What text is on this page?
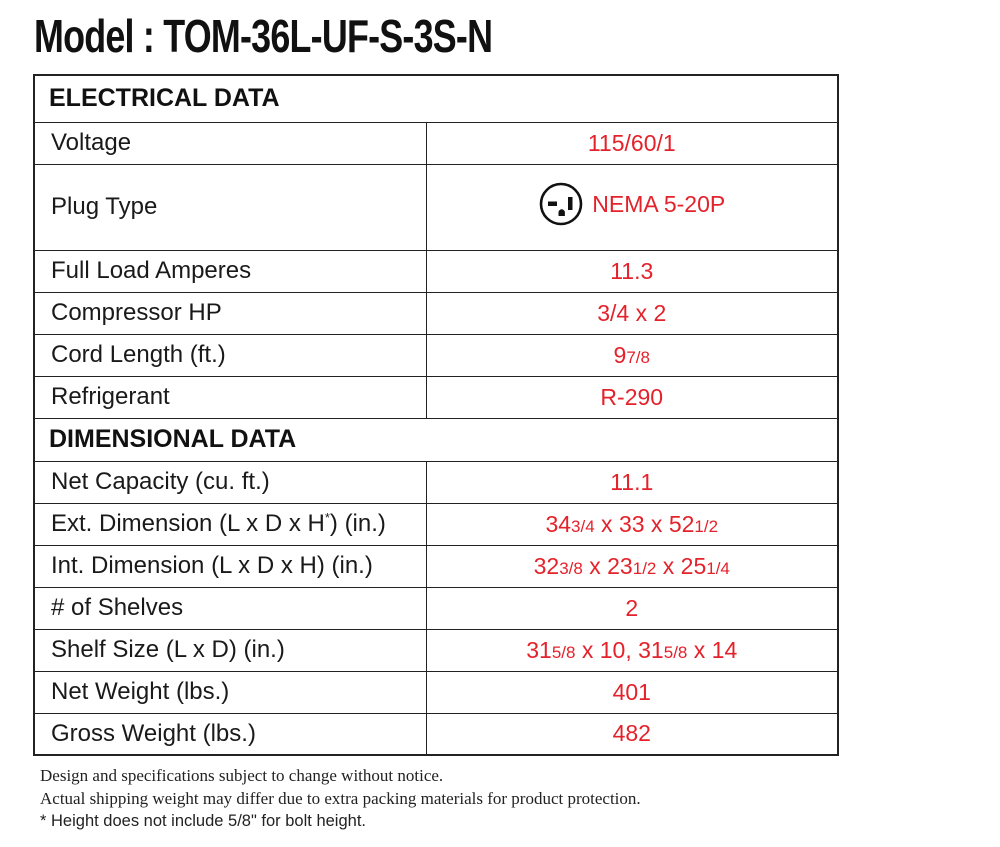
Model : TOM-36L-UF-S-3S-N
ELECTRICAL DATA	
Voltage	115/60/1
Plug Type	NEMA 5-20P

Full Load Amperes	11.3
Compressor HP	3/4 x 2
Cord Length (ft.)	97/8
Refrigerant	R-290
DIMENSIONAL DATA	
Net Capacity (cu. ft.)	11.1
Ext. Dimension (L x D x H*) (in.)	343/4 x 33 x 521/2
Int. Dimension (L x D x H) (in.)	323/8 x 231/2 x 251/4
# of Shelves	2
Shelf Size (L x D) (in.)	315/8 x 10, 315/8 x 14
Net Weight (lbs.)	401
Gross Weight (lbs.)	482
Design and specifications subject to change without notice.
Actual shipping weight may differ due to extra packing materials for product protection.
* Height does not include 5/8" for bolt height.
